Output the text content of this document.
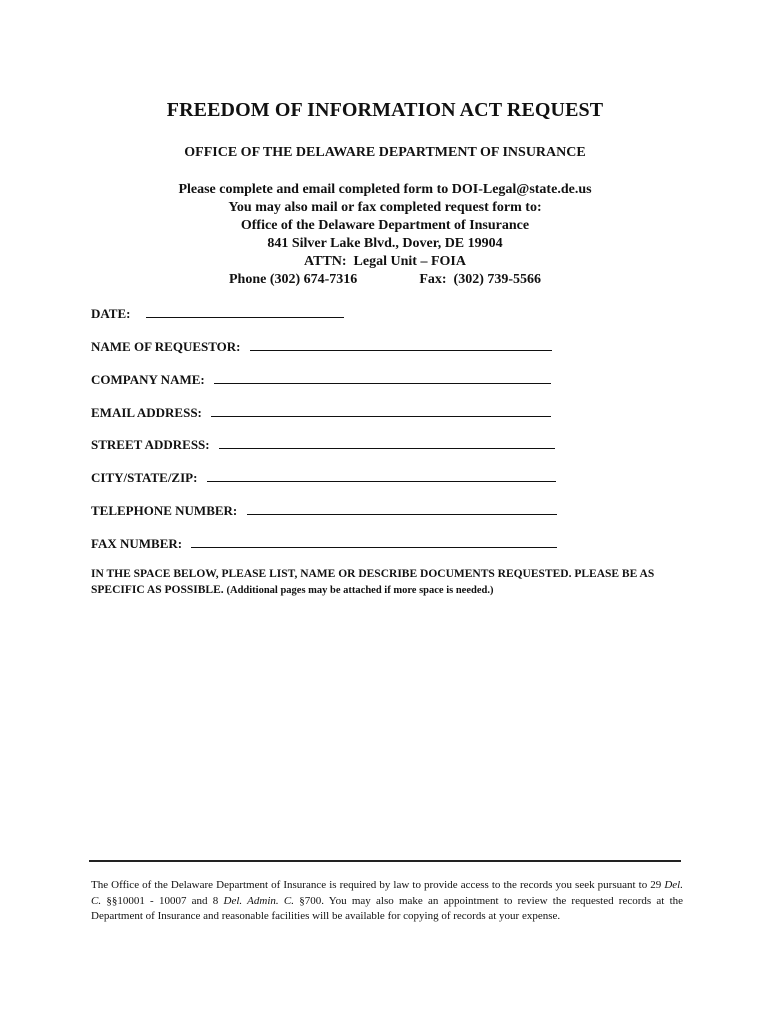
FREEDOM OF INFORMATION ACT REQUEST
OFFICE OF THE DELAWARE DEPARTMENT OF INSURANCE
Please complete and email completed form to DOI-Legal@state.de.us
You may also mail or fax completed request form to:
Office of the Delaware Department of Insurance
841 Silver Lake Blvd., Dover, DE 19904
ATTN:  Legal Unit – FOIA
Phone (302) 674-7316	Fax:  (302) 739-5566
DATE:
NAME OF REQUESTOR:
COMPANY NAME:
EMAIL ADDRESS:
STREET ADDRESS:
CITY/STATE/ZIP:
TELEPHONE NUMBER:
FAX NUMBER:
IN THE SPACE BELOW, PLEASE LIST, NAME OR DESCRIBE DOCUMENTS REQUESTED. PLEASE BE AS SPECIFIC AS POSSIBLE. (Additional pages may be attached if more space is needed.)
The Office of the Delaware Department of Insurance is required by law to provide access to the records you seek pursuant to 29 Del. C. §§10001 - 10007 and 8 Del. Admin. C. §700. You may also make an appointment to review the requested records at the Department of Insurance and reasonable facilities will be available for copying of records at your expense.
